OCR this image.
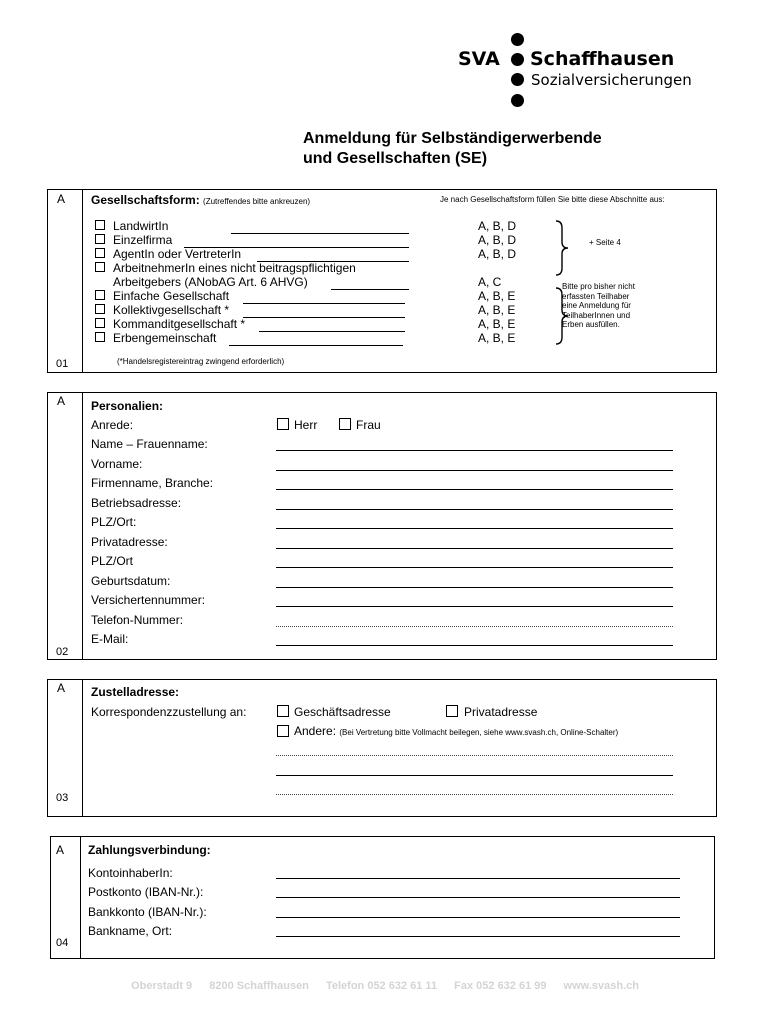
SVA Schaffhausen
Sozialversicherungen
Anmeldung für Selbständigerwerbende
und Gesellschaften (SE)
A
01
Gesellschaftsform: (Zutreffendes bitte ankreuzen)	Je nach Gesellschaftsform füllen Sie bitte diese Abschnitte aus:
LandwirtIn	A, B, D
Einzelfirma	A, B, D
AgentIn oder VertreterIn	A, B, D
ArbeitnehmerIn eines nicht beitragspflichtigen
Arbeitgebers (ANobAG Art. 6 AHVG)	A, C
Einfache Gesellschaft	A, B, E
Kollektivgesellschaft *	A, B, E
Kommanditgesellschaft *	A, B, E
Erbengemeinschaft	A, B, E
+ Seite 4
Bitte pro bisher nicht
erfassten Teilhaber
eine Anmeldung für
TeilhaberInnen und
Erben ausfüllen.
(*Handelsregistereintrag zwingend erforderlich)
A
02
Personalien:
Anrede:	Herr	Frau
Name – Frauenname:
Vorname:
Firmenname, Branche:
Betriebsadresse:
PLZ/Ort:
Privatadresse:
PLZ/Ort
Geburtsdatum:
Versichertennummer:
Telefon-Nummer:
E-Mail:
A
03
Zustelladresse:
Korrespondenzzustellung an:	Geschäftsadresse	Privatadresse
Andere: (Bei Vertretung bitte Vollmacht beilegen, siehe www.svash.ch, Online-Schalter)
A
04
Zahlungsverbindung:
KontoinhaberIn:
Postkonto (IBAN-Nr.):
Bankkonto (IBAN-Nr.):
Bankname, Ort:
Oberstadt 9 8200 Schaffhausen Telefon 052 632 61 11 Fax 052 632 61 99 www.svash.ch
